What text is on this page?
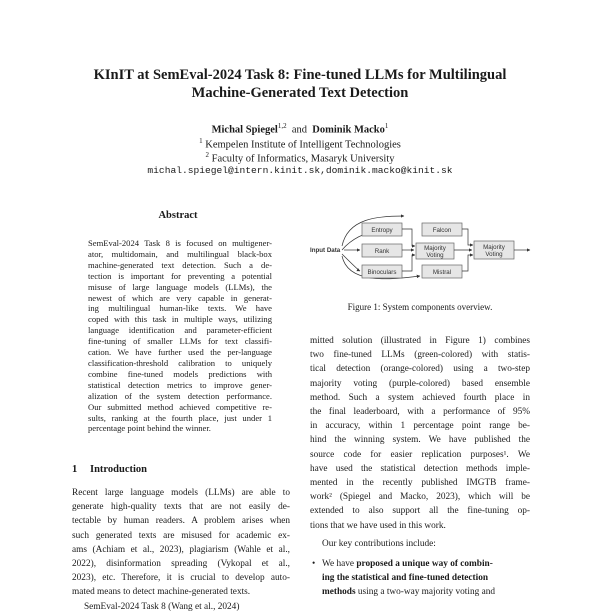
KInIT at SemEval-2024 Task 8: Fine-tuned LLMs for Multilingual
Machine-Generated Text Detection
Michal Spiegel$^{1,2}$ and Dominik Macko$^1$
$^1$ Kempelen Institute of Intelligent Technologies
$^2$ Faculty of Informatics, Masaryk University
michal.spiegel@intern.kinit.sk,dominik.macko@kinit.sk
Abstract
SemEval-2024 Task 8 is focused on multigener-
ator, multidomain, and multilingual black-box
machine-generated text detection. Such a de-
tection is important for preventing a potential
misuse of large language models (LLMs), the
newest of which are very capable in generat-
ing multilingual human-like texts. We have
coped with this task in multiple ways, utilizing
language identification and parameter-efficient
fine-tuning of smaller LLMs for text classifi-
cation. We have further used the per-language
classification-threshold calibration to uniquely
combine fine-tuned models predictions with
statistical detection metrics to improve gener-
alization of the system detection performance.
Our submitted method achieved competitive re-
sults, ranking at the fourth place, just under 1
percentage point behind the winner.
1 Introduction
Recent large language models (LLMs) are able to
generate high-quality texts that are not easily de-
tectable by human readers. A problem arises when
such generated texts are misused for academic ex-
ams (Achiam et al., 2023), plagiarism (Wahle et al.,
2022), disinformation spreading (Vykopal et al.,
2023), etc. Therefore, it is crucial to develop auto-
mated means to detect machine-generated texts.
SemEval-2024 Task 8 (Wang et al., 2024)
Input Data
Entropy
Rank
Binoculars
Falcon
Majority
Voting
Mistral
Majority
Voting
Figure 1: System components overview.
mitted solution (illustrated in Figure 1) combines
two fine-tuned LLMs (green-colored) with statis-
tical detection (orange-colored) using a two-step
majority voting (purple-colored) based ensemble
method. Such a system achieved fourth place in
the final leaderboard, with a performance of 95%
in accuracy, within 1 percentage point range be-
hind the winning system. We have published the
source code for easier replication purposes¹. We
have used the statistical detection methods imple-
mented in the recently published IMGTB frame-
work² (Spiegel and Macko, 2023), which will be
extended to also support all the fine-tuning op-
tions that we have used in this work.
Our key contributions include:
• We have proposed a unique way of combin-
ing the statistical and fine-tuned detection
methods using a two-way majority voting and
